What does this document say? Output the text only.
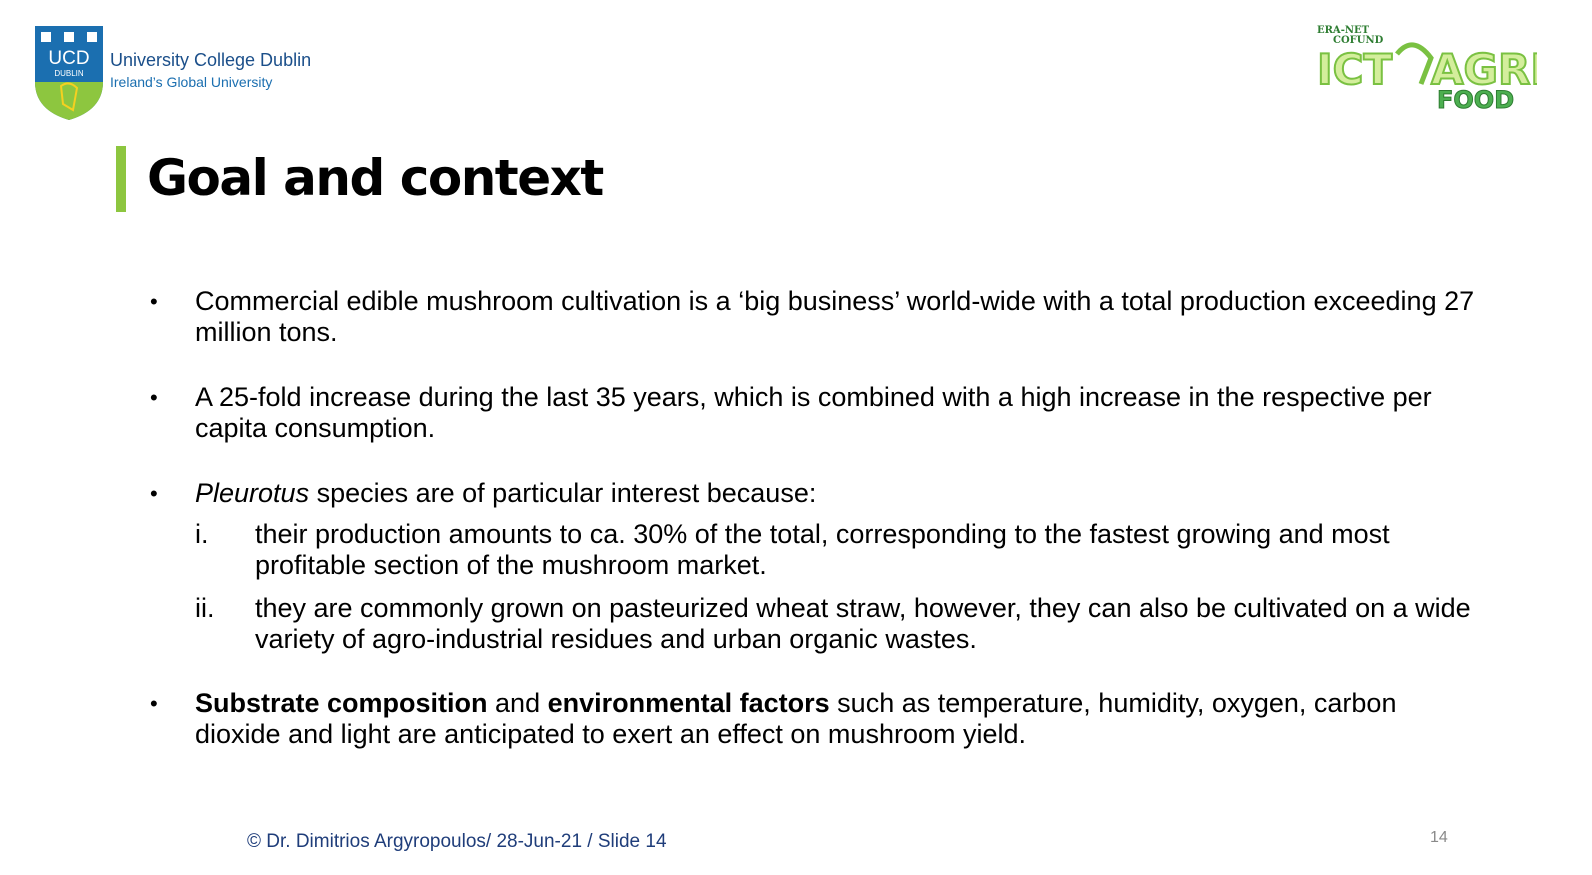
UCD
DUBLIN
University College Dublin
Ireland’s Global University
ERA-NET
COFUND
ICT AGRI
FOOD
Goal and context
• Commercial edible mushroom cultivation is a ‘big business’ world-wide with a total production exceeding 27 million tons.
• A 25-fold increase during the last 35 years, which is combined with a high increase in the respective per capita consumption.
• Pleurotus species are of particular interest because:
i. their production amounts to ca. 30% of the total, corresponding to the fastest growing and most profitable section of the mushroom market.
ii. they are commonly grown on pasteurized wheat straw, however, they can also be cultivated on a wide variety of agro-industrial residues and urban organic wastes.
• Substrate composition and environmental factors such as temperature, humidity, oxygen, carbon dioxide and light are anticipated to exert an effect on mushroom yield.
© Dr. Dimitrios Argyropoulos/ 28-Jun-21 / Slide 14	14
